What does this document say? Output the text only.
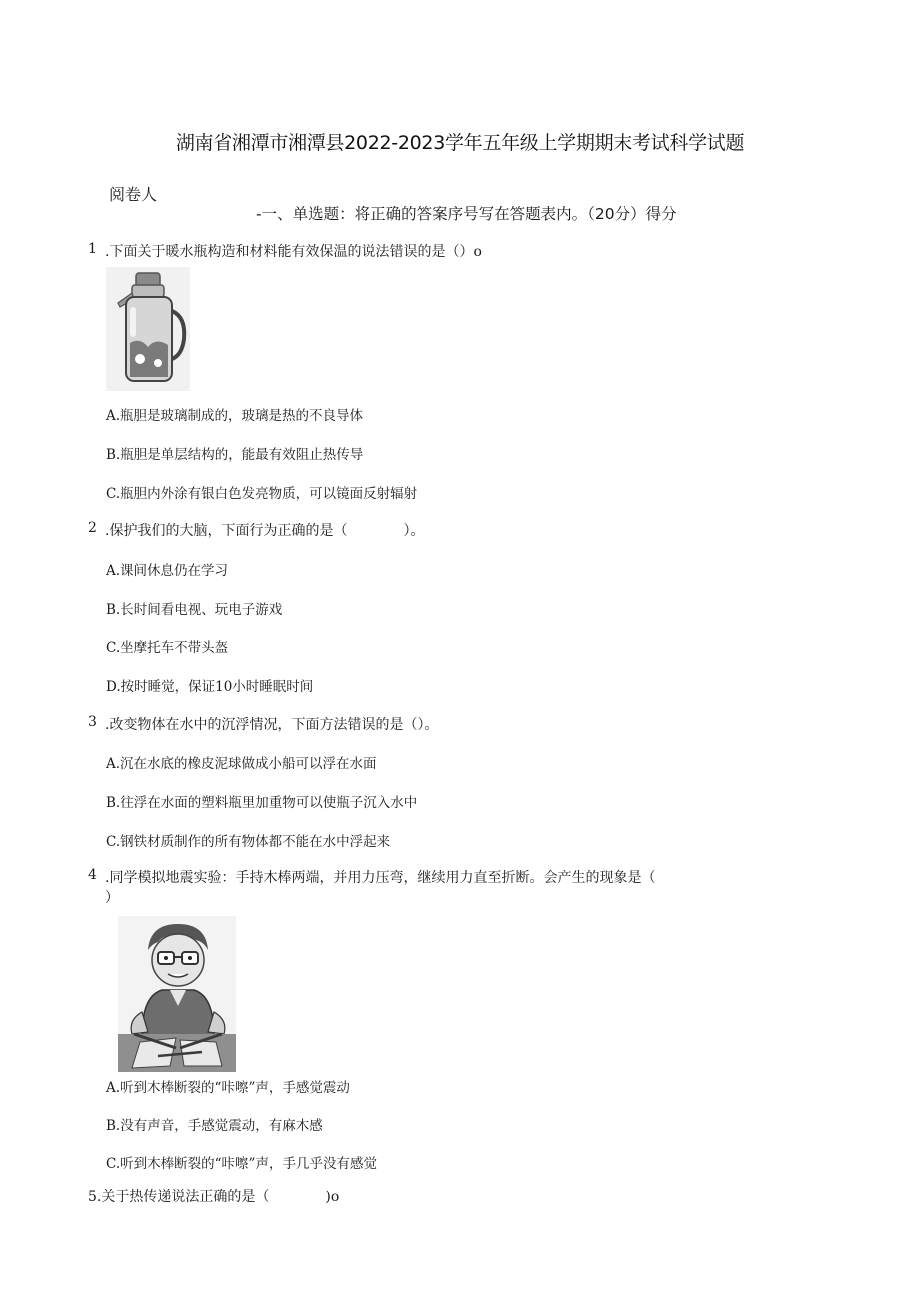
湖南省湘潭市湘潭县2022-2023学年五年级上学期期末考试科学试题
阅卷人
-一、单选题：将正确的答案序号写在答题表内。（20分）得分
1 .下面关于暖水瓶构造和材料能有效保温的说法错误的是（）o
A.瓶胆是玻璃制成的，玻璃是热的不良导体
B.瓶胆是单层结构的，能最有效阻止热传导
C.瓶胆内外涂有银白色发亮物质，可以镜面反射辐射
2 .保护我们的大脑，下面行为正确的是（　　　　）。
A.课间休息仍在学习
B.长时间看电视、玩电子游戏
C.坐摩托车不带头盔
D.按时睡觉，保证10小时睡眠时间
3 .改变物体在水中的沉浮情况，下面方法错误的是（）。
A.沉在水底的橡皮泥球做成小船可以浮在水面
B.往浮在水面的塑料瓶里加重物可以使瓶子沉入水中
C.钢铁材质制作的所有物体都不能在水中浮起来
4 .同学模拟地震实验：手持木棒两端，并用力压弯，继续用力直至折断。会产生的现象是（
）
A.听到木棒断裂的“咔嚓”声，手感觉震动
B.没有声音，手感觉震动，有麻木感
C.听到木棒断裂的“咔嚓”声，手几乎没有感觉
5.关于热传递说法正确的是（　　　　)o
